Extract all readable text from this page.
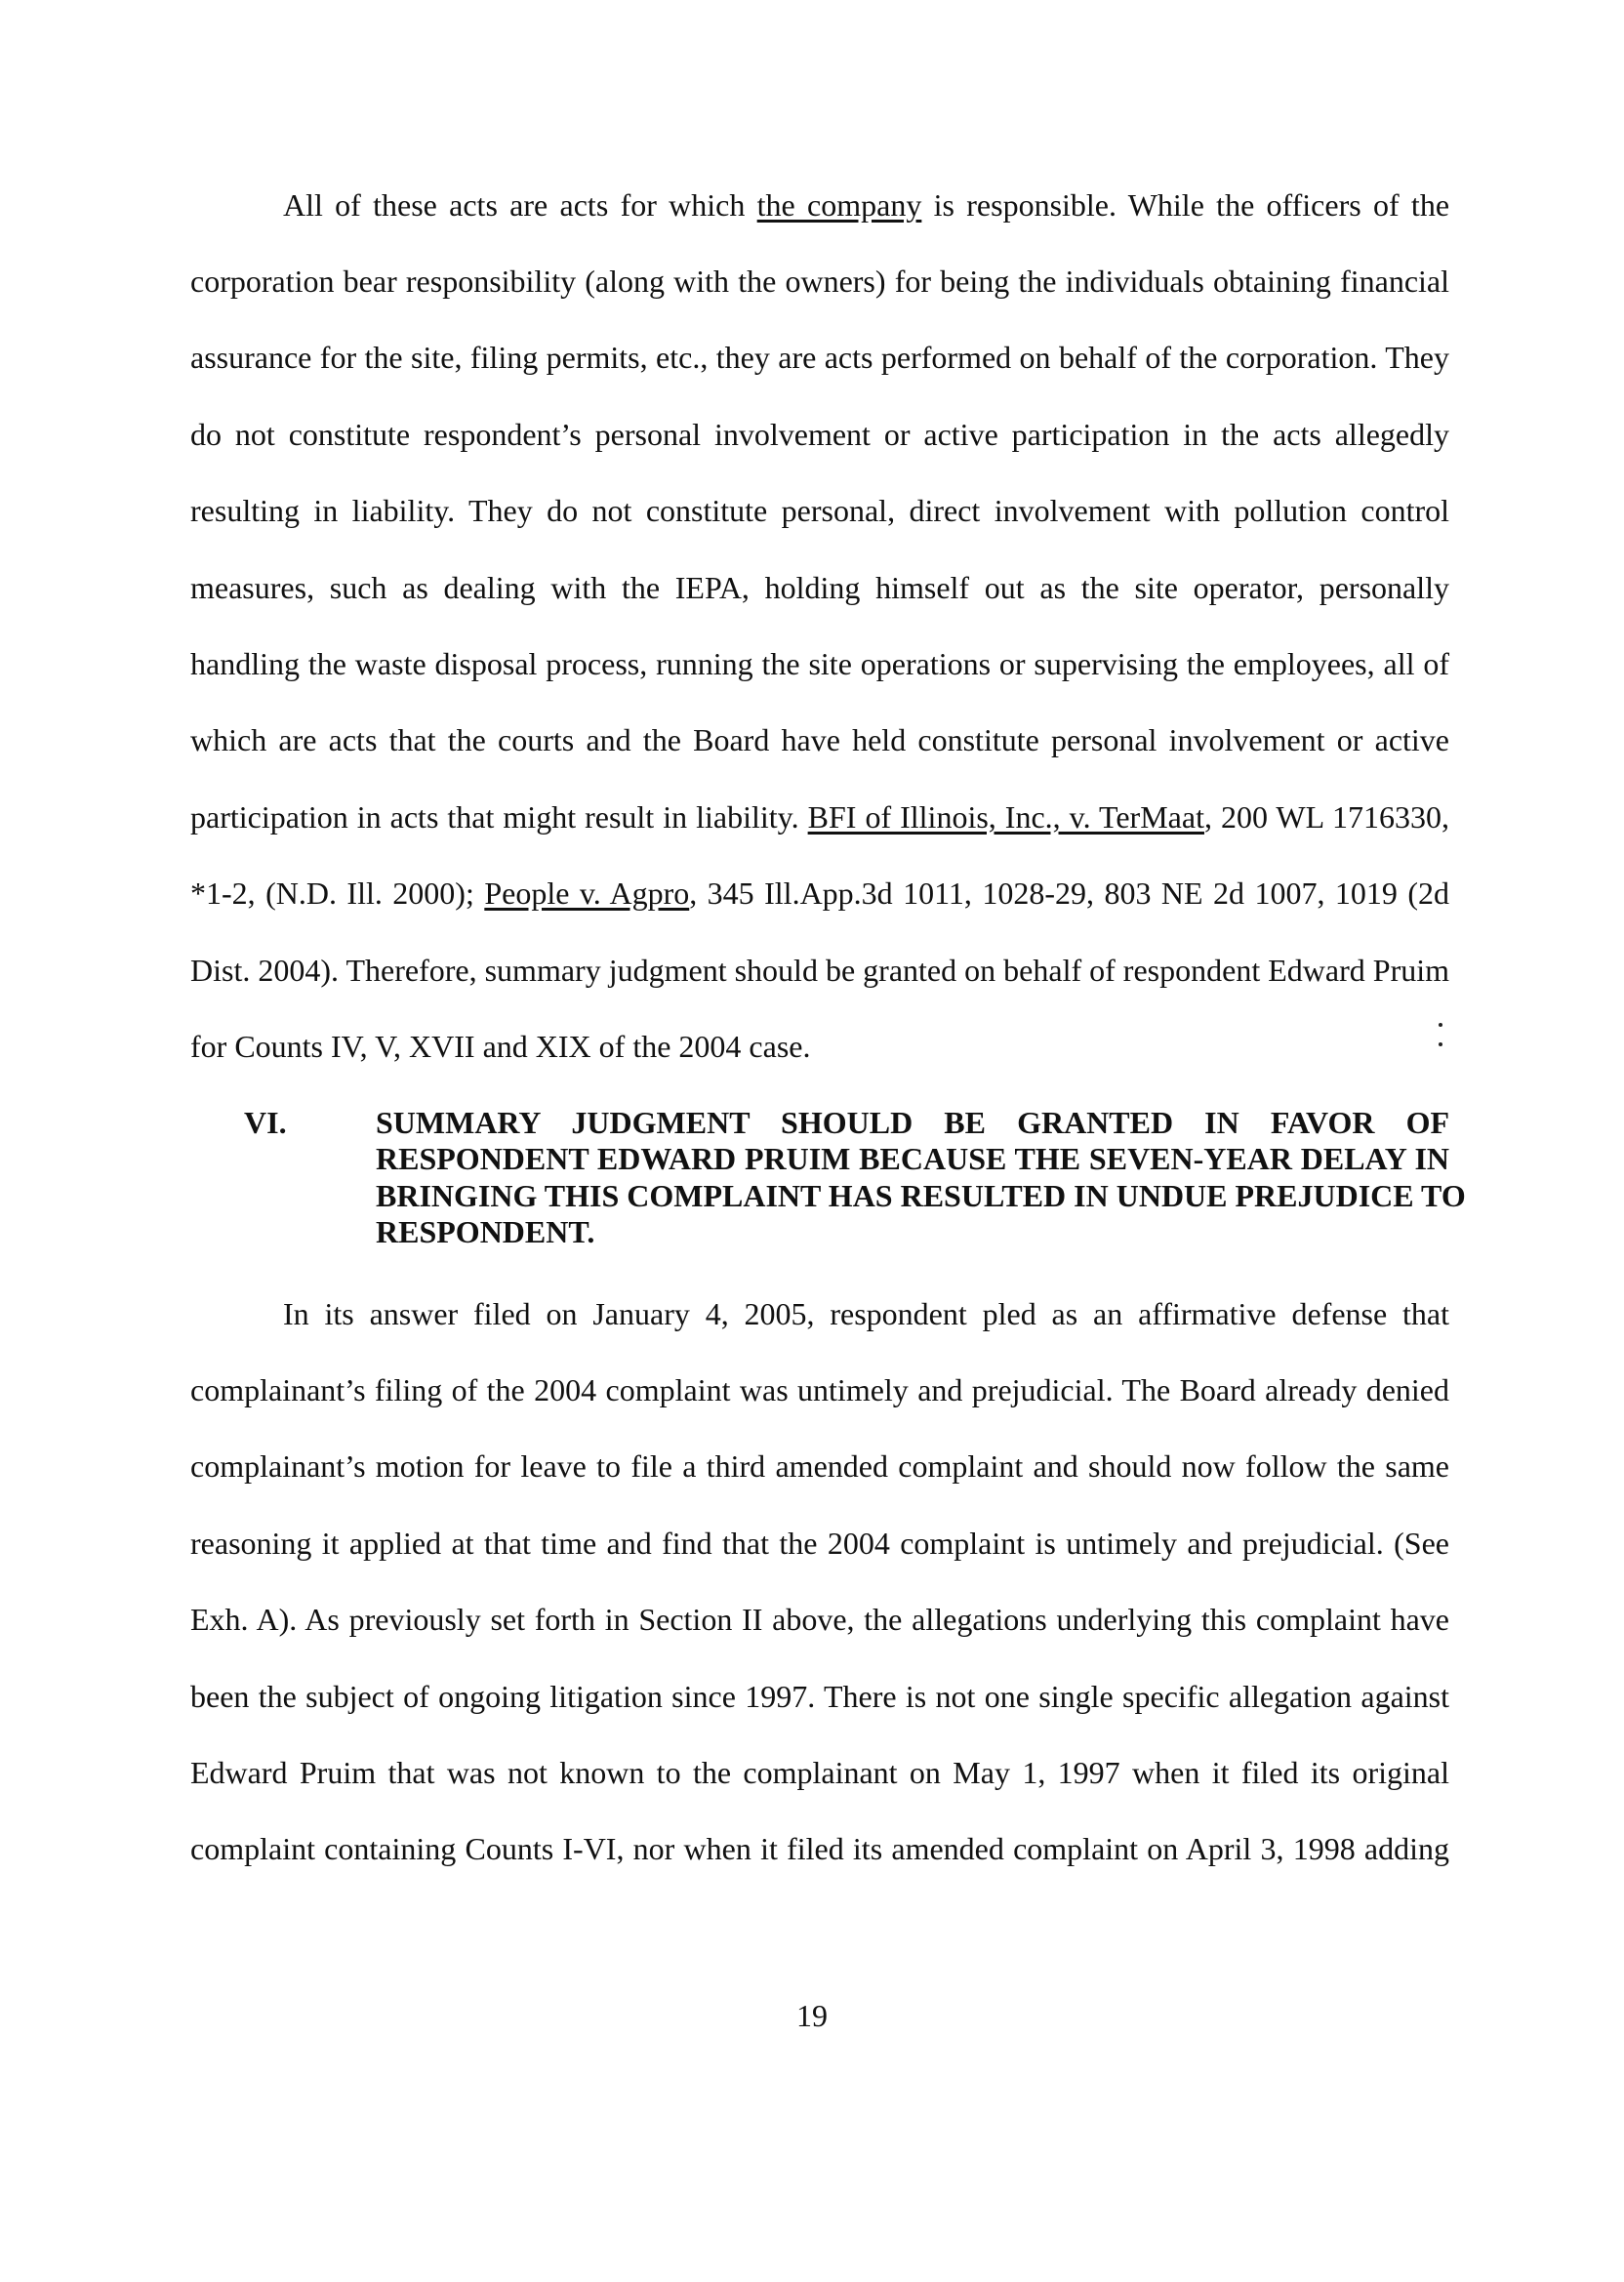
All of these acts are acts for which the company is responsible. While the officers of the
corporation bear responsibility (along with the owners) for being the individuals obtaining financial
assurance for the site, filing permits, etc., they are acts performed on behalf of the corporation. They
do not constitute respondent’s personal involvement or active participation in the acts allegedly
resulting in liability. They do not constitute personal, direct involvement with pollution control
measures, such as dealing with the IEPA, holding himself out as the site operator, personally
handling the waste disposal process, running the site operations or supervising the employees, all of
which are acts that the courts and the Board have held constitute personal involvement or active
participation in acts that might result in liability. BFI of Illinois, Inc., v. TerMaat, 200 WL 1716330,
*1-2, (N.D. Ill. 2000); People v. Agpro, 345 Ill.App.3d 1011, 1028-29, 803 NE 2d 1007, 1019 (2d
Dist. 2004). Therefore, summary judgment should be granted on behalf of respondent Edward Pruim
for Counts IV, V, XVII and XIX of the 2004 case.
VI.	SUMMARY JUDGMENT SHOULD BE GRANTED IN FAVOR OF
RESPONDENT EDWARD PRUIM BECAUSE THE SEVEN-YEAR DELAY IN
BRINGING THIS COMPLAINT HAS RESULTED IN UNDUE PREJUDICE TO
RESPONDENT.
In its answer filed on January 4, 2005, respondent pled as an affirmative defense that
complainant’s filing of the 2004 complaint was untimely and prejudicial. The Board already denied
complainant’s motion for leave to file a third amended complaint and should now follow the same
reasoning it applied at that time and find that the 2004 complaint is untimely and prejudicial. (See
Exh. A). As previously set forth in Section II above, the allegations underlying this complaint have
been the subject of ongoing litigation since 1997. There is not one single specific allegation against
Edward Pruim that was not known to the complainant on May 1, 1997 when it filed its original
complaint containing Counts I-VI, nor when it filed its amended complaint on April 3, 1998 adding
19
